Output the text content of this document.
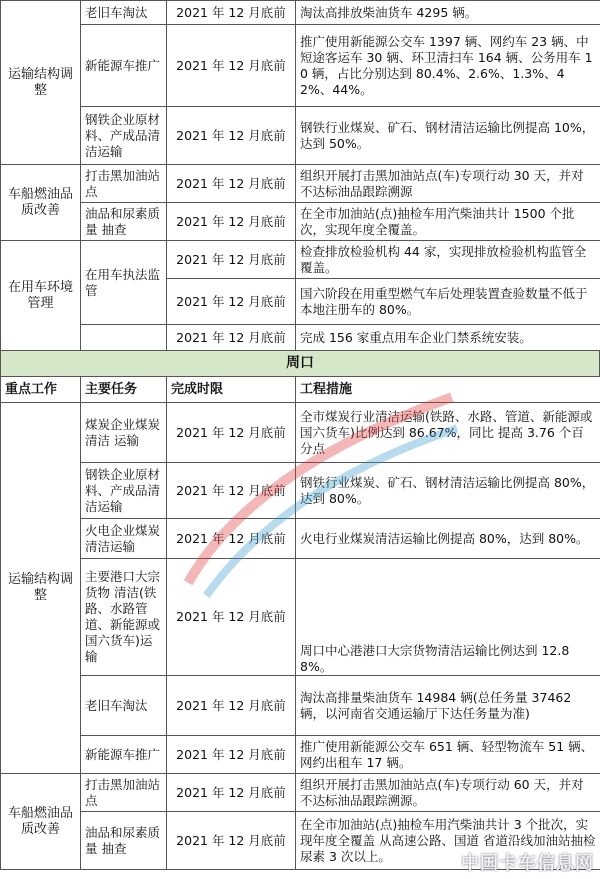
运输结构调整	老旧车淘汰	2021 年 12 月底前	淘汰高排放柴油货车 4295 辆。
	新能源车推广	2021 年 12 月底前	推广使用新能源公交车 1397 辆、网约车 23 辆、中短途客运车 30 辆、环卫清扫车 164 辆、公务用车 10 辆，占比分别达到 80.4%、2.6%、1.3%、42%、44%。
	钢铁企业原材料、产成品清洁运输	2021 年 12 月底前	钢铁行业煤炭、矿石、钢材清洁运输比例提高 10%，达到 50%。
车船燃油品质改善	打击黑加油站点	2021 年 12 月底前	组织开展打击黑加油站点(车)专项行动 30 天，并对不达标油品跟踪溯源
	油品和尿素质量 抽查	2021 年 12 月底前	在全市加油站(点)抽检车用汽柴油共计 1500 个批次，实现年度全覆盖。
在用车环境管理	在用车执法监管	2021 年 12 月底前	检查排放检验机构 44 家，实现排放检验机构监管全覆盖。
		2021 年 12 月底前	国六阶段在用重型燃气车后处理装置查验数量不低于本地注册车的 80%。
		2021 年 12 月底前	完成 156 家重点用车企业门禁系统安装。
周口
重点工作	主要任务	完成时限	工程措施
运输结构调整	煤炭企业煤炭清洁 运输	2021 年 12 月底前	全市煤炭行业清洁运输(铁路、水路、管道、新能源或国六货车)比例达到 86.67%，同比 提高 3.76 个百分点
	钢铁企业原材料、产成品清洁运输	2021 年 12 月底前	钢铁行业煤炭、矿石、钢材清洁运输比例提高 80%，达到 80%。
	火电企业煤炭清洁运输	2021 年 12 月底前	火电行业煤炭清洁运输比例提高 80%，达到 80%。
	主要港口大宗货物 清洁(铁路、水路管道、新能源或国六货车)运输	2021 年 12 月底前	周口中心港港口大宗货物清洁运输比例达到 12.88%。
	老旧车淘汰	2021 年 12 月底前	淘汰高排量柴油货车 14984 辆(总任务量 37462 辆，以河南省交通运输厅下达任务量为准)
	新能源车推广	2021 年 12 月底前	推广使用新能源公交车 651 辆、轻型物流车 51 辆、网约出租车 17 辆。
车船燃油品质改善	打击黑加油站点	2021 年 12 月底前	组织开展打击黑加油站点(车)专项行动 60 天，并对不达标油品跟踪溯源。
	油品和尿素质量 抽查	2021 年 12 月底前	在全市加油站(点)抽检车用汽柴油共计 3 个批次，实现年度全覆盖 从高速公路、国道 省道沿线加油站抽检尿素 3 次以上。	中国卡车信息网
